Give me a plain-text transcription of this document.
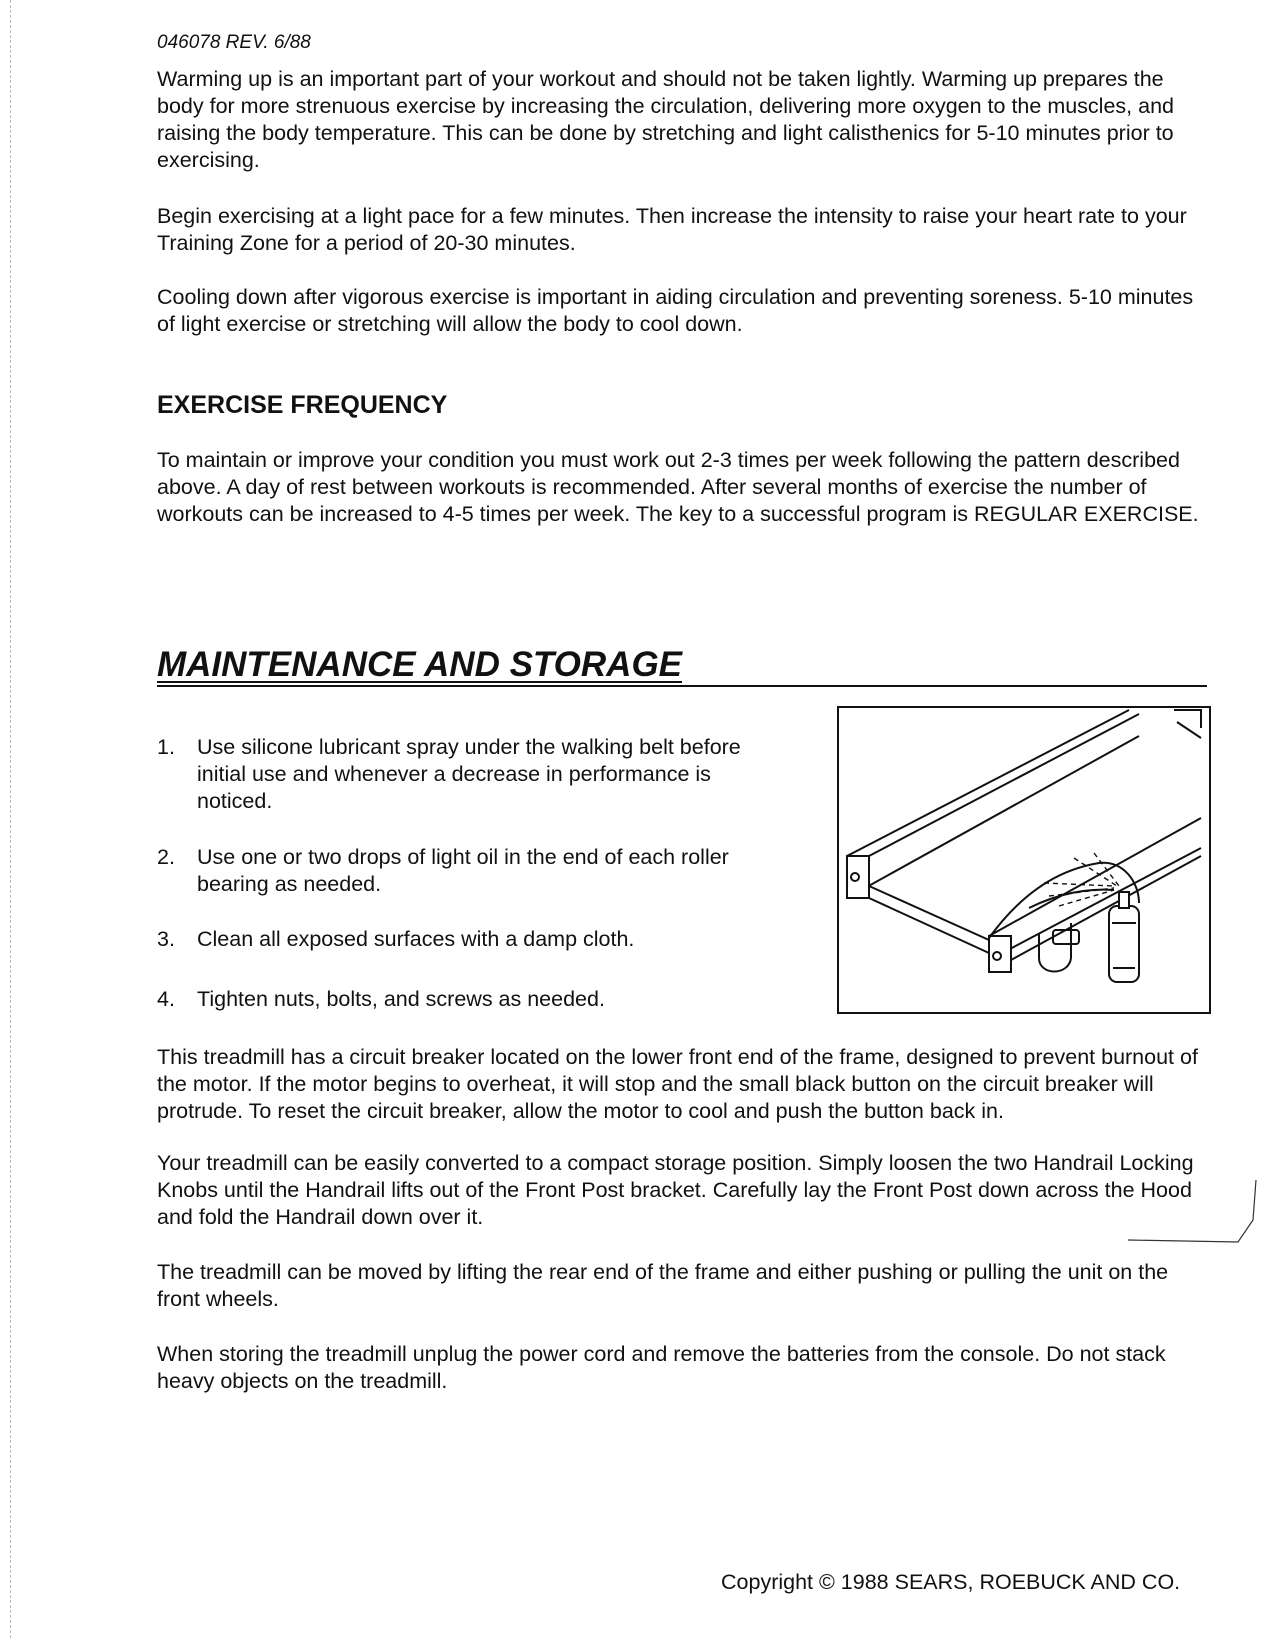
046078 REV. 6/88

Warming up is an important part of your workout and should not be taken lightly. Warming up prepares the body for more strenuous exercise by increasing the circulation, delivering more oxygen to the muscles, and raising the body temperature. This can be done by stretching and light calisthenics for 5-10 minutes prior to exercising.

Begin exercising at a light pace for a few minutes. Then increase the intensity to raise your heart rate to your Training Zone for a period of 20-30 minutes.

Cooling down after vigorous exercise is important in aiding circulation and preventing soreness. 5-10 minutes of light exercise or stretching will allow the body to cool down.

EXERCISE FREQUENCY

To maintain or improve your condition you must work out 2-3 times per week following the pattern described above. A day of rest between workouts is recommended. After several months of exercise the number of workouts can be increased to 4-5 times per week. The key to a successful program is REGULAR EXERCISE.

MAINTENANCE AND STORAGE
1.	Use silicone lubricant spray under the walking belt before initial use and whenever a decrease in performance is noticed.
2.	Use one or two drops of light oil in the end of each roller bearing as needed.
3.	Clean all exposed surfaces with a damp cloth.
4.	Tighten nuts, bolts, and screws as needed.

This treadmill has a circuit breaker located on the lower front end of the frame, designed to prevent burnout of the motor. If the motor begins to overheat, it will stop and the small black button on the circuit breaker will protrude. To reset the circuit breaker, allow the motor to cool and push the button back in.

Your treadmill can be easily converted to a compact storage position. Simply loosen the two Handrail Locking Knobs until the Handrail lifts out of the Front Post bracket. Carefully lay the Front Post down across the Hood and fold the Handrail down over it.

The treadmill can be moved by lifting the rear end of the frame and either pushing or pulling the unit on the front wheels.

When storing the treadmill unplug the power cord and remove the batteries from the console. Do not stack heavy objects on the treadmill.

Copyright © 1988 SEARS, ROEBUCK AND CO.
